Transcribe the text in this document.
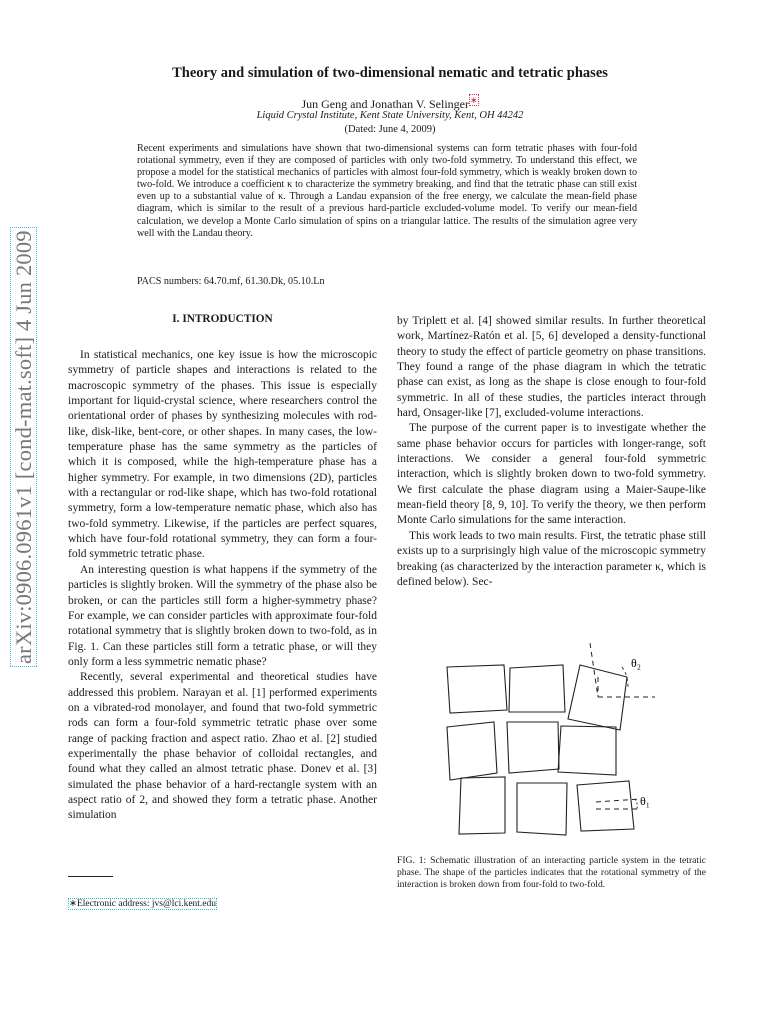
arXiv:0906.0961v1 [cond-mat.soft] 4 Jun 2009
Theory and simulation of two-dimensional nematic and tetratic phases
Jun Geng and Jonathan V. Selinger∗
Liquid Crystal Institute, Kent State University, Kent, OH 44242
(Dated: June 4, 2009)

Recent experiments and simulations have shown that two-dimensional systems can form tetratic phases with four-fold rotational symmetry, even if they are composed of particles with only two-fold symmetry. To understand this effect, we propose a model for the statistical mechanics of particles with almost four-fold symmetry, which is weakly broken down to two-fold. We introduce a coefficient κ to characterize the symmetry breaking, and find that the tetratic phase can still exist even up to a substantial value of κ. Through a Landau expansion of the free energy, we calculate the mean-field phase diagram, which is similar to the result of a previous hard-particle excluded-volume model. To verify our mean-field calculation, we develop a Monte Carlo simulation of spins on a triangular lattice. The results of the simulation agree very well with the Landau theory.

PACS numbers: 64.70.mf, 61.30.Dk, 05.10.Ln
I. INTRODUCTION

In statistical mechanics, one key issue is how the microscopic symmetry of particle shapes and interactions is related to the macroscopic symmetry of the phases. This issue is especially important for liquid-crystal science, where researchers control the orientational order of phases by synthesizing molecules with rod-like, disk-like, bent-core, or other shapes. In many cases, the low-temperature phase has the same symmetry as the particles of which it is composed, while the high-temperature phase has a higher symmetry. For example, in two dimensions (2D), particles with a rectangular or rod-like shape, which has two-fold rotational symmetry, form a low-temperature nematic phase, which also has two-fold symmetry. Likewise, if the particles are perfect squares, which have four-fold rotational symmetry, they can form a four-fold symmetric tetratic phase.

An interesting question is what happens if the symmetry of the particles is slightly broken. Will the symmetry of the phase also be broken, or can the particles still form a higher-symmetry phase? For example, we can consider particles with approximate four-fold rotational symmetry that is slightly broken down to two-fold, as in Fig. 1. Can these particles still form a tetratic phase, or will they only form a less symmetric nematic phase?

Recently, several experimental and theoretical studies have addressed this problem. Narayan et al. [1] performed experiments on a vibrated-rod monolayer, and found that two-fold symmetric rods can form a four-fold symmetric tetratic phase over some range of packing fraction and aspect ratio. Zhao et al. [2] studied experimentally the phase behavior of colloidal rectangles, and found what they called an almost tetratic phase. Donev et al. [3] simulated the phase behavior of a hard-rectangle system with an aspect ratio of 2, and showed they form a tetratic phase. Another simulation

by Triplett et al. [4] showed similar results. In further theoretical work, Martínez-Ratón et al. [5, 6] developed a density-functional theory to study the effect of particle geometry on phase transitions. They found a range of the phase diagram in which the tetratic phase can exist, as long as the shape is close enough to four-fold symmetric. In all of these studies, the particles interact through hard, Onsager-like [7], excluded-volume interactions.

The purpose of the current paper is to investigate whether the same phase behavior occurs for particles with longer-range, soft interactions. We consider a general four-fold symmetric interaction, which is slightly broken down to two-fold symmetry. We first calculate the phase diagram using a Maier-Saupe-like mean-field theory [8, 9, 10]. To verify the theory, we then perform Monte Carlo simulations for the same interaction.

This work leads to two main results. First, the tetratic phase still exists up to a surprisingly high value of the microscopic symmetry breaking (as characterized by the interaction parameter κ, which is defined below). Sec-

∗Electronic address: jvs@lci.kent.edu
θ₂
θ₁

FIG. 1: Schematic illustration of an interacting particle system in the tetratic phase. The shape of the particles indicates that the rotational symmetry of the interaction is broken down from four-fold to two-fold.
